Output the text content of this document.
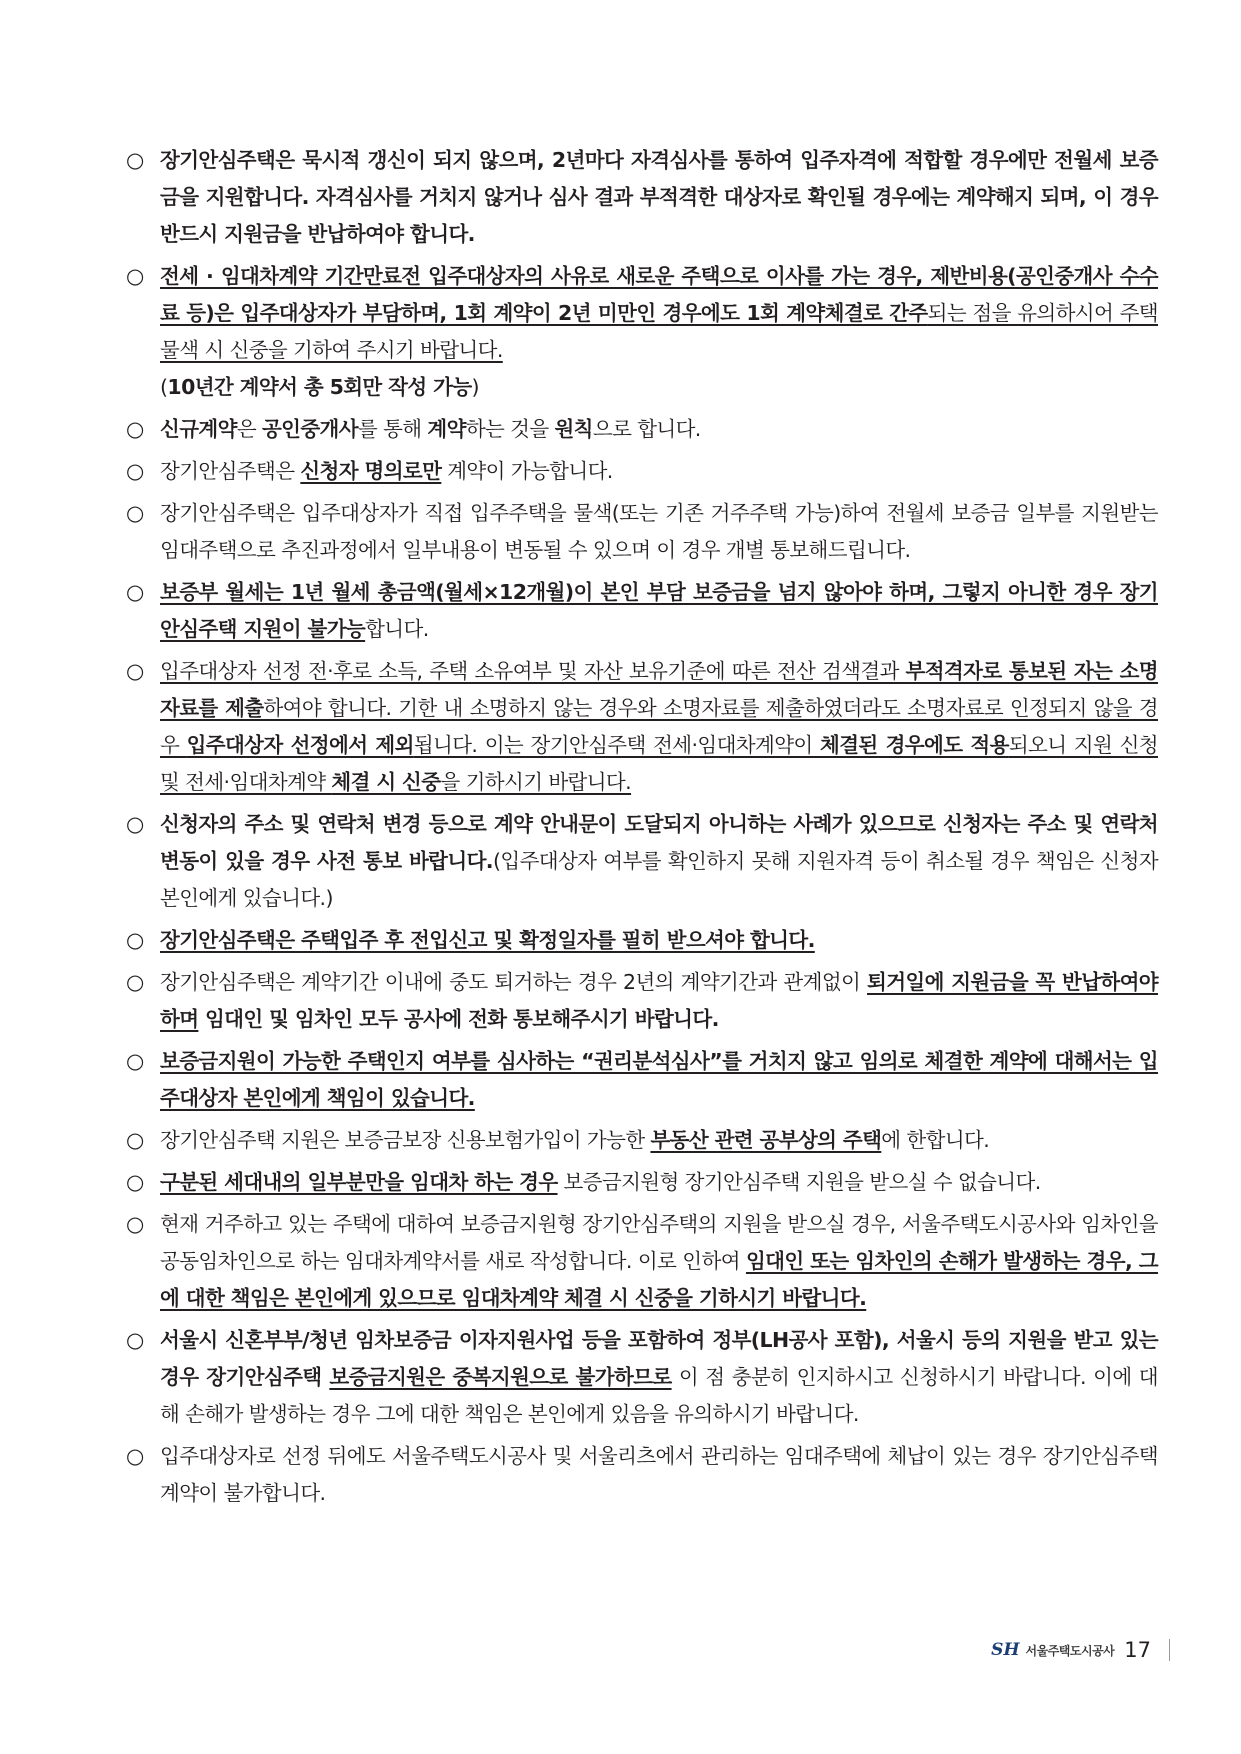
○ 장기안심주택은 묵시적 갱신이 되지 않으며, 2년마다 자격심사를 통하여 입주자격에 적합할 경우에만 전월세 보증금을 지원합니다. 자격심사를 거치지 않거나 심사 결과 부적격한 대상자로 확인될 경우에는 계약해지 되며, 이 경우 반드시 지원금을 반납하여야 합니다.
○ 전세 · 임대차계약 기간만료전 입주대상자의 사유로 새로운 주택으로 이사를 가는 경우, 제반비용(공인중개사 수수료 등)은 입주대상자가 부담하며, 1회 계약이 2년 미만인 경우에도 1회 계약체결로 간주되는 점을 유의하시어 주택 물색 시 신중을 기하여 주시기 바랍니다.
(10년간 계약서 총 5회만 작성 가능)
○ 신규계약은 공인중개사를 통해 계약하는 것을 원칙으로 합니다.
○ 장기안심주택은 신청자 명의로만 계약이 가능합니다.
○ 장기안심주택은 입주대상자가 직접 입주주택을 물색(또는 기존 거주주택 가능)하여 전월세 보증금 일부를 지원받는 임대주택으로 추진과정에서 일부내용이 변동될 수 있으며 이 경우 개별 통보해드립니다.
○ 보증부 월세는 1년 월세 총금액(월세×12개월)이 본인 부담 보증금을 넘지 않아야 하며, 그렇지 아니한 경우 장기안심주택 지원이 불가능합니다.
○ 입주대상자 선정 전·후로 소득, 주택 소유여부 및 자산 보유기준에 따른 전산 검색결과 부적격자로 통보된 자는 소명자료를 제출하여야 합니다. 기한 내 소명하지 않는 경우와 소명자료를 제출하였더라도 소명자료로 인정되지 않을 경우 입주대상자 선정에서 제외됩니다. 이는 장기안심주택 전세·임대차계약이 체결된 경우에도 적용되오니 지원 신청 및 전세·임대차계약 체결 시 신중을 기하시기 바랍니다.
○ 신청자의 주소 및 연락처 변경 등으로 계약 안내문이 도달되지 아니하는 사례가 있으므로 신청자는 주소 및 연락처 변동이 있을 경우 사전 통보 바랍니다.(입주대상자 여부를 확인하지 못해 지원자격 등이 취소될 경우 책임은 신청자 본인에게 있습니다.)
○ 장기안심주택은 주택입주 후 전입신고 및 확정일자를 필히 받으셔야 합니다.
○ 장기안심주택은 계약기간 이내에 중도 퇴거하는 경우 2년의 계약기간과 관계없이 퇴거일에 지원금을 꼭 반납하여야 하며 임대인 및 임차인 모두 공사에 전화 통보해주시기 바랍니다.
○ 보증금지원이 가능한 주택인지 여부를 심사하는 “권리분석심사”를 거치지 않고 임의로 체결한 계약에 대해서는 입주대상자 본인에게 책임이 있습니다.
○ 장기안심주택 지원은 보증금보장 신용보험가입이 가능한 부동산 관련 공부상의 주택에 한합니다.
○ 구분된 세대내의 일부분만을 임대차 하는 경우 보증금지원형 장기안심주택 지원을 받으실 수 없습니다.
○ 현재 거주하고 있는 주택에 대하여 보증금지원형 장기안심주택의 지원을 받으실 경우, 서울주택도시공사와 임차인을 공동임차인으로 하는 임대차계약서를 새로 작성합니다. 이로 인하여 임대인 또는 임차인의 손해가 발생하는 경우, 그에 대한 책임은 본인에게 있으므로 임대차계약 체결 시 신중을 기하시기 바랍니다.
○ 서울시 신혼부부/청년 임차보증금 이자지원사업 등을 포함하여 정부(LH공사 포함), 서울시 등의 지원을 받고 있는 경우 장기안심주택 보증금지원은 중복지원으로 불가하므로 이 점 충분히 인지하시고 신청하시기 바랍니다. 이에 대해 손해가 발생하는 경우 그에 대한 책임은 본인에게 있음을 유의하시기 바랍니다.
○ 입주대상자로 선정 뒤에도 서울주택도시공사 및 서울리츠에서 관리하는 임대주택에 체납이 있는 경우 장기안심주택 계약이 불가합니다.
SH 서울주택도시공사 17
